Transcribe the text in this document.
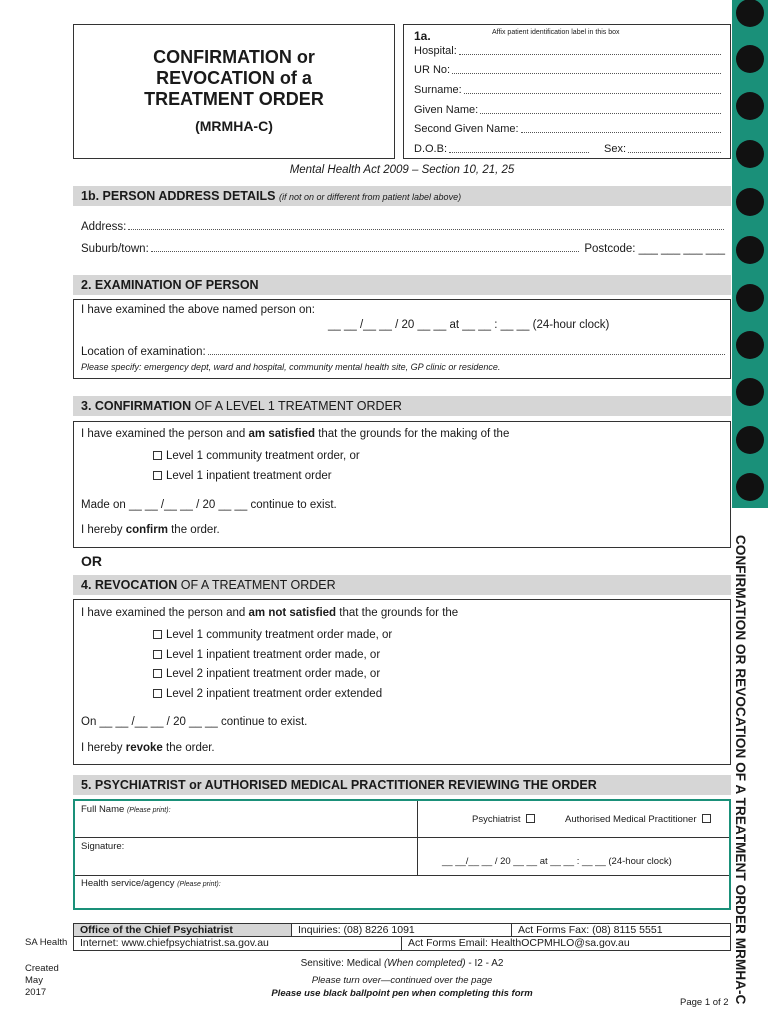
CONFIRMATION OR REVOCATION OF A TREATMENT ORDER MRMHA-C
CONFIRMATION or
REVOCATION of a
TREATMENT ORDER
(MRMHA-C)
1a.	Affix patient identification label in this box
Hospital:
UR No:
Surname:
Given Name:
Second Given Name:
D.O.B:	Sex:
Mental Health Act 2009 – Section 10, 21, 25
1b. PERSON ADDRESS DETAILS (if not on or different from patient label above)
Address:
Suburb/town:	Postcode: ___ ___ ___ ___
2. EXAMINATION OF PERSON
I have examined the above named person on:
__ __ /__ __ / 20 __ __ at __ __ : __ __ (24-hour clock)
Location of examination:
Please specify: emergency dept, ward and hospital, community mental health site, GP clinic or residence.
3. CONFIRMATION OF A LEVEL 1 TREATMENT ORDER
I have examined the person and am satisfied that the grounds for the making of the
Level 1 community treatment order, or
Level 1 inpatient treatment order
Made on __ __ /__ __ / 20 __ __ continue to exist.
I hereby confirm the order.
OR
4. REVOCATION OF A TREATMENT ORDER
I have examined the person and am not satisfied that the grounds for the
Level 1 community treatment order made, or
Level 1 inpatient treatment order made, or
Level 2 inpatient treatment order made, or
Level 2 inpatient treatment order extended
On __ __ /__ __ / 20 __ __ continue to exist.
I hereby revoke the order.
5. PSYCHIATRIST or AUTHORISED MEDICAL PRACTITIONER REVIEWING THE ORDER
Full Name (Please print):
Psychiatrist	Authorised Medical Practitioner
Signature:
__ __/__ __ / 20 __ __ at __ __ : __ __ (24-hour clock)
Health service/agency (Please print):
Office of the Chief Psychiatrist	Inquiries: (08) 8226 1091	Act Forms Fax: (08) 8115 5551
Internet: www.chiefpsychiatrist.sa.gov.au	Act Forms Email: HealthOCPMHLO@sa.gov.au
SA Health
Created
May
2017
Sensitive: Medical (When completed) - I2 - A2
Please turn over—continued over the page
Please use black ballpoint pen when completing this form
Page 1 of 2
